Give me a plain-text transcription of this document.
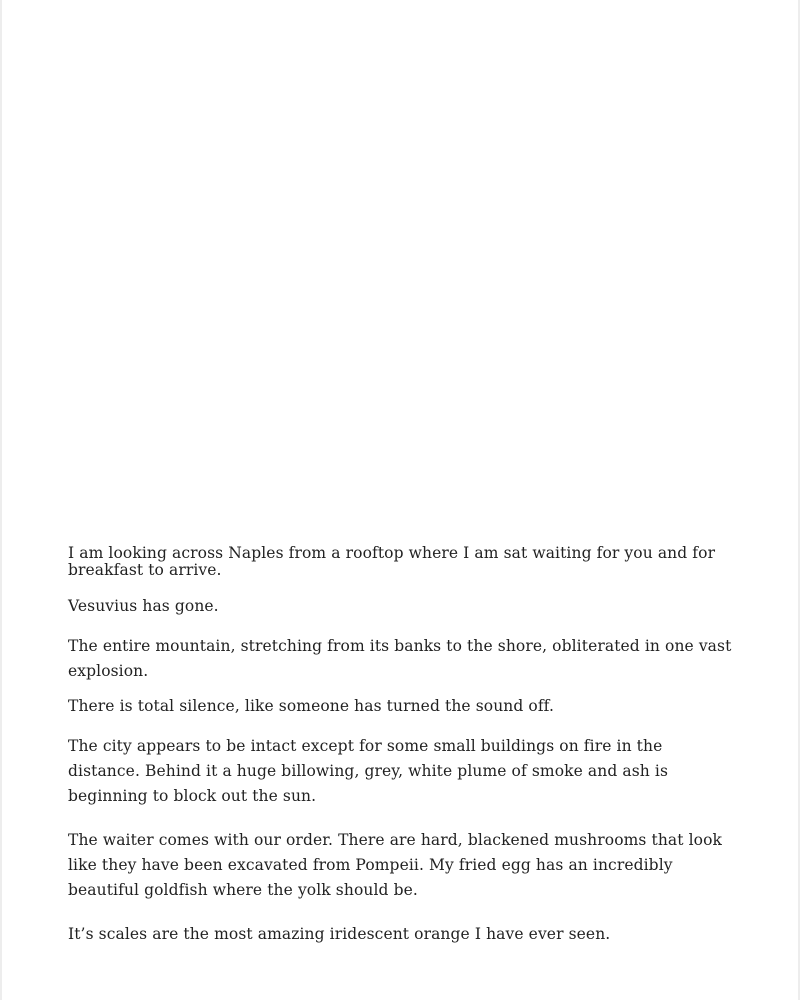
I am looking across Naples from a rooftop where I am sat waiting for you and for breakfast to arrive.

Vesuvius has gone.

The entire mountain, stretching from its banks to the shore, obliterated in one vast explosion.

There is total silence, like someone has turned the sound off.

The city appears to be intact except for some small buildings on fire in the distance. Behind it a huge billowing, grey, white plume of smoke and ash is beginning to block out the sun.

The waiter comes with our order. There are hard, blackened mushrooms that look like they have been excavated from Pompeii. My fried egg has an incredibly beautiful goldfish where the yolk should be.

It’s scales are the most amazing iridescent orange I have ever seen.
